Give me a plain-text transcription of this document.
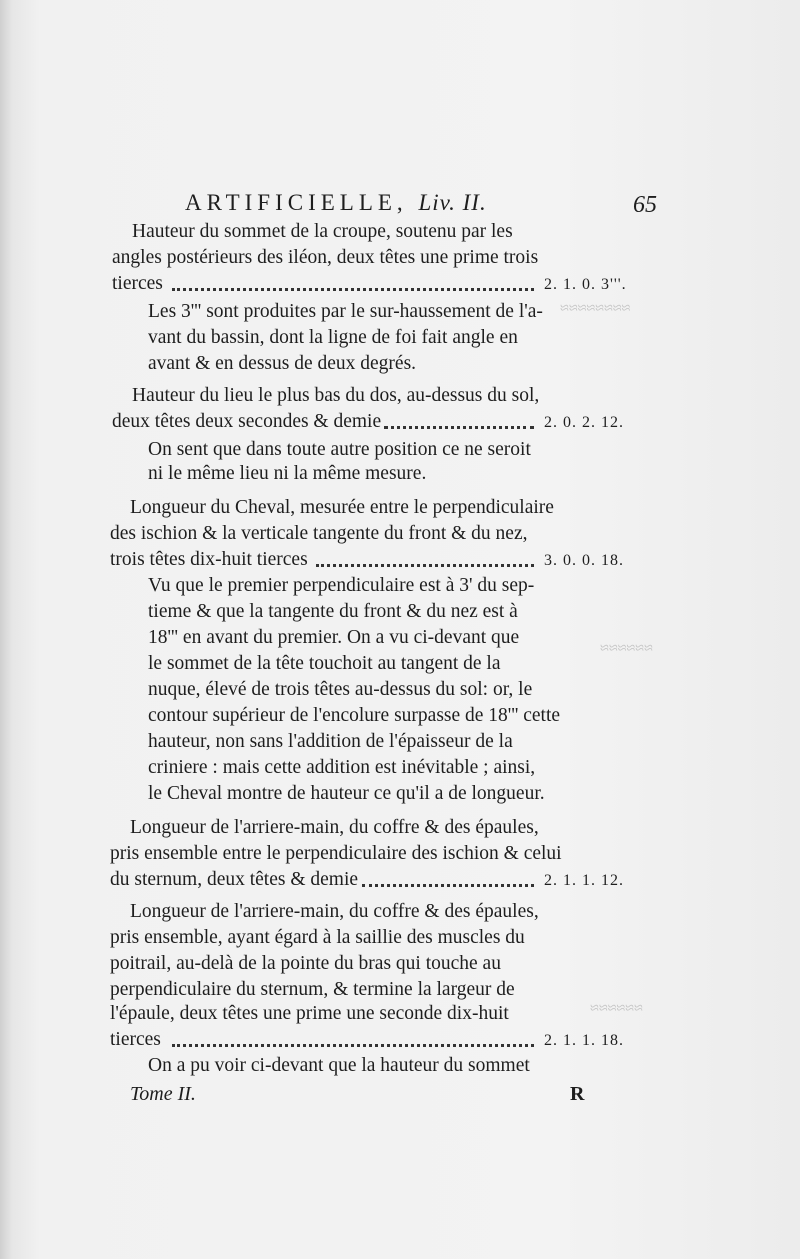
≈≈≈≈≈≈≈≈
≈≈≈≈≈≈
≈≈≈≈≈≈
ARTIFICIELLE, Liv. II.	65
Hauteur du sommet de la croupe, soutenu par les
angles postérieurs des iléon, deux têtes une prime trois
tierces	2. 1. 0. 3'''.
Les 3''' sont produites par le sur-haussement de l'a-
vant du bassin, dont la ligne de foi fait angle en
avant & en dessus de deux degrés.
Hauteur du lieu le plus bas du dos, au-dessus du sol,
deux têtes deux secondes & demie	2. 0. 2. 12.
On sent que dans toute autre position ce ne seroit
ni le même lieu ni la même mesure.
Longueur du Cheval, mesurée entre le perpendiculaire
des ischion & la verticale tangente du front & du nez,
trois têtes dix-huit tierces	3. 0. 0. 18.
Vu que le premier perpendiculaire est à 3' du sep-
tieme & que la tangente du front & du nez est à
18''' en avant du premier. On a vu ci-devant que
le sommet de la tête touchoit au tangent de la
nuque, élevé de trois têtes au-dessus du sol: or, le
contour supérieur de l'encolure surpasse de 18''' cette
hauteur, non sans l'addition de l'épaisseur de la
criniere : mais cette addition est inévitable ; ainsi,
le Cheval montre de hauteur ce qu'il a de longueur.
Longueur de l'arriere-main, du coffre & des épaules,
pris ensemble entre le perpendiculaire des ischion & celui
du sternum, deux têtes & demie	2. 1. 1. 12.
Longueur de l'arriere-main, du coffre & des épaules,
pris ensemble, ayant égard à la saillie des muscles du
poitrail, au-delà de la pointe du bras qui touche au
perpendiculaire du sternum, & termine la largeur de
l'épaule, deux têtes une prime une seconde dix-huit
tierces	2. 1. 1. 18.
On a pu voir ci-devant que la hauteur du sommet
Tome II.	R
